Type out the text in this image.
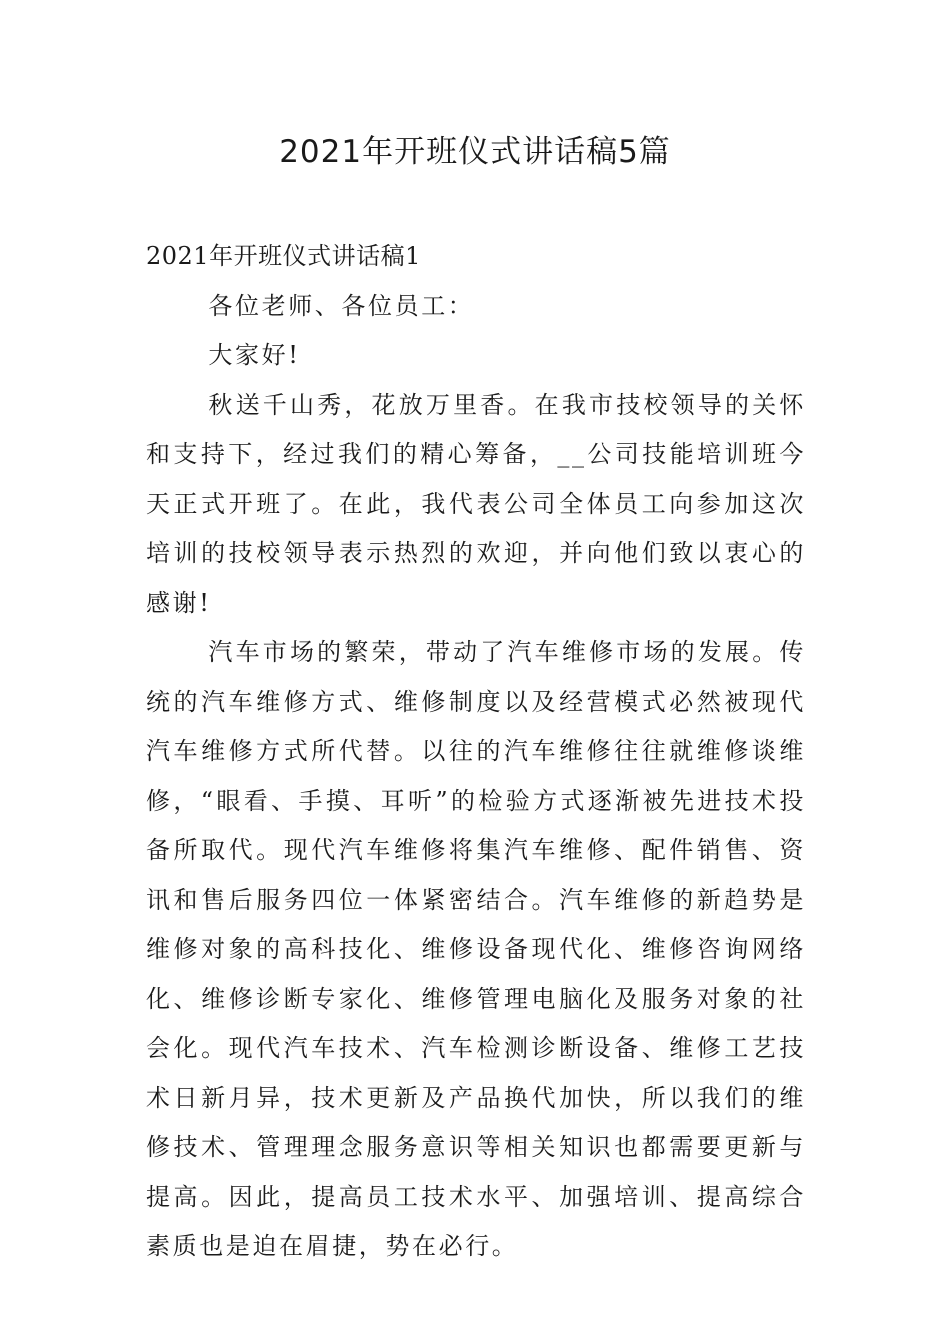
2021年开班仪式讲话稿5篇
2021年开班仪式讲话稿1

各位老师、各位员工：

大家好!

秋送千山秀，花放万里香。在我市技校领导的关怀和支持下，经过我们的精心筹备，__公司技能培训班今天正式开班了。在此，我代表公司全体员工向参加这次培训的技校领导表示热烈的欢迎，并向他们致以衷心的感谢!

汽车市场的繁荣，带动了汽车维修市场的发展。传统的汽车维修方式、维修制度以及经营模式必然被现代汽车维修方式所代替。以往的汽车维修往往就维修谈维修，“眼看、手摸、耳听”的检验方式逐渐被先进技术投备所取代。现代汽车维修将集汽车维修、配件销售、资讯和售后服务四位一体紧密结合。汽车维修的新趋势是维修对象的高科技化、维修设备现代化、维修咨询网络化、维修诊断专家化、维修管理电脑化及服务对象的社会化。现代汽车技术、汽车检测诊断设备、维修工艺技术日新月异，技术更新及产品换代加快，所以我们的维修技术、管理理念服务意识等相关知识也都需要更新与提高。因此，提高员工技术水平、加强培训、提高综合素质也是迫在眉捷，势在必行。
